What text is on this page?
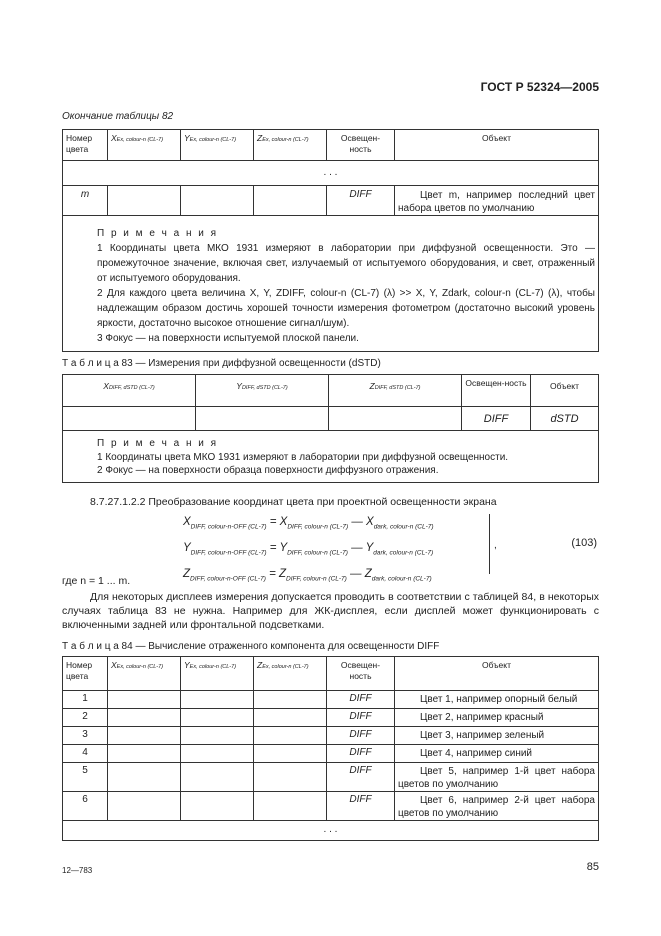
ГОСТ Р 52324—2005
Окончание таблицы 82
Номер цвета	XEx, colour-n (CL-7)	YEx, colour-n (CL-7)	ZEx, colour-n (CL-7)	Освещен-ность	Объект
. . .					
m				DIFF	Цвет m, например последний цвет набора цветов по умолчанию

П р и м е ч а н и я

1 Координаты цвета МКО 1931 измеряют в лаборатории при диффузной освещенности. Это — промежуточное значение, включая свет, излучаемый от испытуемого оборудования, и свет, отраженный от испытуемого оборудования.

2 Для каждого цвета величина X, Y, ZDIFF, colour-n (CL-7) (λ) >> X, Y, Zdark, colour-n (CL-7) (λ), чтобы надлежащим образом достичь хорошей точности измерения фотометром (достаточно высокий уровень яркости, достаточно высокое отношение сигнал/шум).

3 Фокус — на поверхности испытуемой плоской панели.					

Т а б л и ц а 83 — Измерения при диффузной освещенности (dSTD)
XDIFF, dSTD (CL-7)	YDIFF, dSTD (CL-7)	ZDIFF, dSTD (CL-7)	Освещен-ность	Объект
			DIFF	dSTD

П р и м е ч а н и я

1 Координаты цвета МКО 1931 измеряют в лаборатории при диффузной освещенности.

2 Фокус — на поверхности образца поверхности диффузного отражения.				

8.7.27.1.2.2 Преобразование координат цвета при проектной освещенности экрана
$X_{DIFF, colour-n-OFF (CL-7)} = X_{DIFF, colour-n (CL-7)}$ — $X_{dark, colour-n (CL-7)}$
$Y_{DIFF, colour-n-OFF (CL-7)} = Y_{DIFF, colour-n (CL-7)}$ — $Y_{dark, colour-n (CL-7)}$
$Z_{DIFF, colour-n-OFF (CL-7)} = Z_{DIFF, colour-n (CL-7)}$ — $Z_{dark, colour-n (CL-7)}$
,	(103)
где n = 1 ... m.
Для некоторых дисплеев измерения допускается проводить в соответствии с таблицей 84, в некоторых случаях таблица 83 не нужна. Например для ЖК-дисплея, если дисплей может функционировать с включенными задней или фронтальной подсветками.
Т а б л и ц а 84 — Вычисление отраженного компонента для освещенности DIFF
Номер цвета	XEx, colour-n (CL-7)	YEx, colour-n (CL-7)	ZEx, colour-n (CL-7)	Освещен-ность	Объект
1				DIFF	Цвет 1, например опорный белый
2				DIFF	Цвет 2, например красный
3				DIFF	Цвет 3, например зеленый
4				DIFF	Цвет 4, например синий
5				DIFF	Цвет 5, например 1-й цвет набора цветов по умолчанию
6				DIFF	Цвет 6, например 2-й цвет набора цветов по умолчанию
. . .					
12—783	85
